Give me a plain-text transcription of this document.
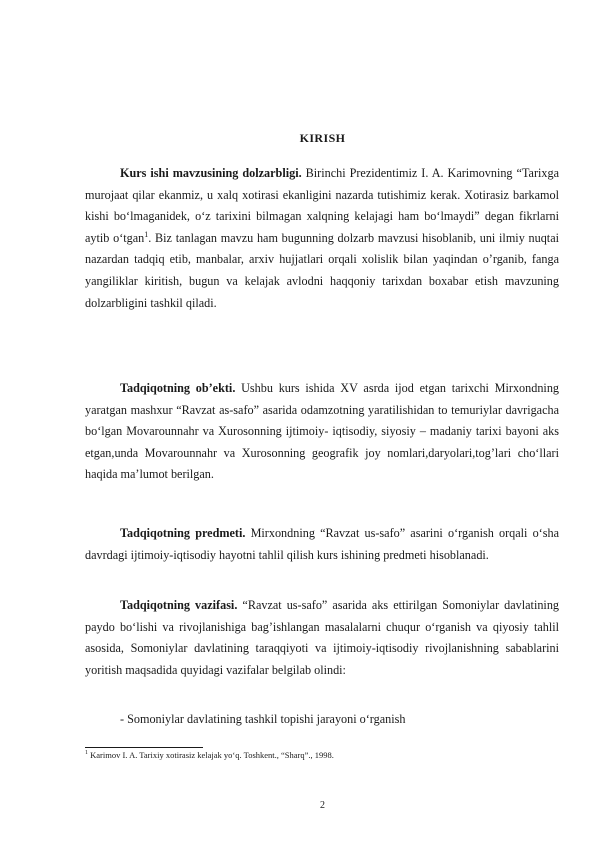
KIRISH

Kurs ishi mavzusining dolzarbligi. Birinchi Prezidentimiz I. A. Karimovning “Tarixga murojaat qilar ekanmiz, u xalq xotirasi ekanligini nazarda tutishimiz kerak. Xotirasiz barkamol kishi bo‘lmaganidek, o‘z tarixini bilmagan xalqning kelajagi ham bo‘lmaydi” degan fikrlarni aytib o‘tgan$^1$. Biz tanlagan mavzu ham bugunning dolzarb mavzusi hisoblanib, uni ilmiy nuqtai nazardan tadqiq etib, manbalar, arxiv hujjatlari orqali xolislik bilan yaqindan o’rganib, fanga yangiliklar kiritish, bugun va kelajak avlodni haqqoniy tarixdan boxabar etish mavzuning dolzarbligini tashkil qiladi.

Tadqiqotning ob’ekti. Ushbu kurs ishida XV asrda ijod etgan tarixchi Mirxondning yaratgan mashxur “Ravzat as-safo” asarida odamzotning yaratilishidan to temuriylar davrigacha bo‘lgan Movarounnahr va Xurosonning ijtimoiy- iqtisodiy, siyosiy – madaniy tarixi bayoni aks etgan,unda Movarounnahr va Xurosonning geografik joy nomlari,daryolari,tog’lari cho‘llari haqida ma’lumot berilgan.

Tadqiqotning predmeti. Mirxondning “Ravzat us-safo” asarini o‘rganish orqali o‘sha davrdagi ijtimoiy-iqtisodiy hayotni tahlil qilish kurs ishining predmeti hisoblanadi.

Tadqiqotning vazifasi. “Ravzat us-safo” asarida aks ettirilgan Somoniylar davlatining paydo bo‘lishi va rivojlanishiga bag’ishlangan masalalarni chuqur o‘rganish va qiyosiy tahlil asosida, Somoniylar davlatining taraqqiyoti va ijtimoiy-iqtisodiy rivojlanishning sabablarini yoritish maqsadida quyidagi vazifalar belgilab olindi:

- Somoniylar davlatining tashkil topishi jarayoni o‘rganish
$^1$ Karimov I. A. Tarixiy xotirasiz kelajak yo‘q. Toshkent., “Sharq”., 1998.
2
